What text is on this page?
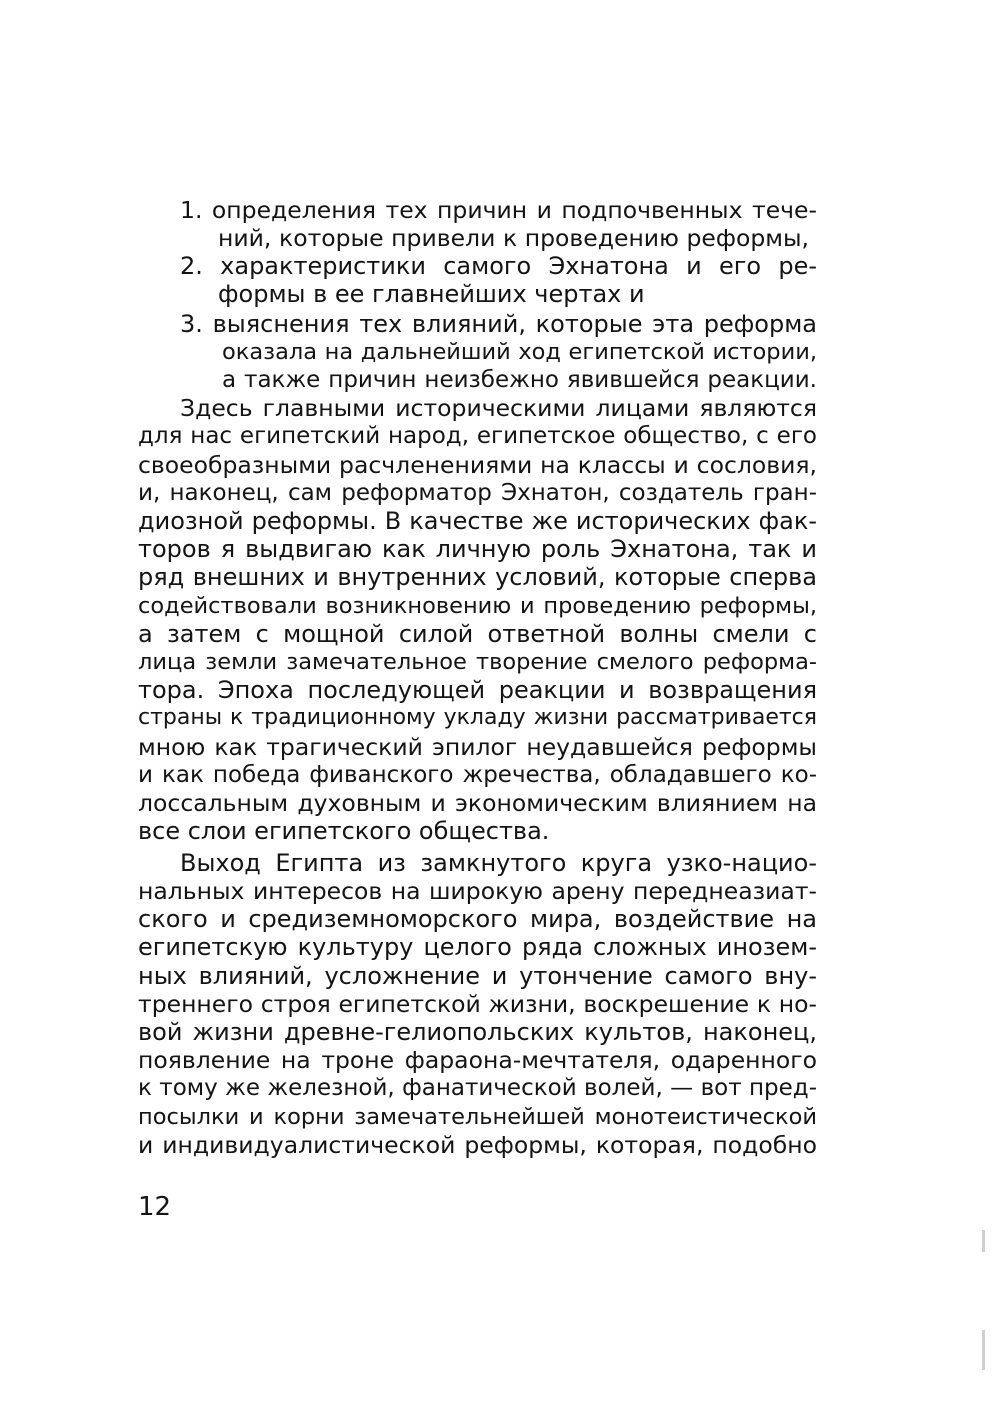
1. определения тех причин и подпочвенных тече-
ний, которые привели к проведению реформы,
2. характеристики самого Эхнатона и его ре-
формы в ее главнейших чертах и
3. выяснения тех влияний, которые эта реформа
оказала на дальнейший ход египетской истории,
а также причин неизбежно явившейся реакции.
Здесь главными историческими лицами являются
для нас египетский народ, египетское общество, с его
своеобразными расчленениями на классы и сословия,
и, наконец, сам реформатор Эхнатон, создатель гран-
диозной реформы. В качестве же исторических фак-
торов я выдвигаю как личную роль Эхнатона, так и
ряд внешних и внутренних условий, которые сперва
содействовали возникновению и проведению реформы,
а затем с мощной силой ответной волны смели с
лица земли замечательное творение смелого реформа-
тора. Эпоха последующей реакции и возвращения
страны к традиционному укладу жизни рассматривается
мною как трагический эпилог неудавшейся реформы
и как победа фиванского жречества, обладавшего ко-
лоссальным духовным и экономическим влиянием на
все слои египетского общества.
Выход Египта из замкнутого круга узко-нацио-
нальных интересов на широкую арену переднеазиат-
ского и средиземноморского мира, воздействие на
египетскую культуру целого ряда сложных инозем-
ных влияний, усложнение и утончение самого вну-
треннего строя египетской жизни, воскрешение к но-
вой жизни древне-гелиопольских культов, наконец,
появление на троне фараона-мечтателя, одаренного
к тому же железной, фанатической волей, — вот пред-
посылки и корни замечательнейшей монотеистической
и индивидуалистической реформы, которая, подобно
12
